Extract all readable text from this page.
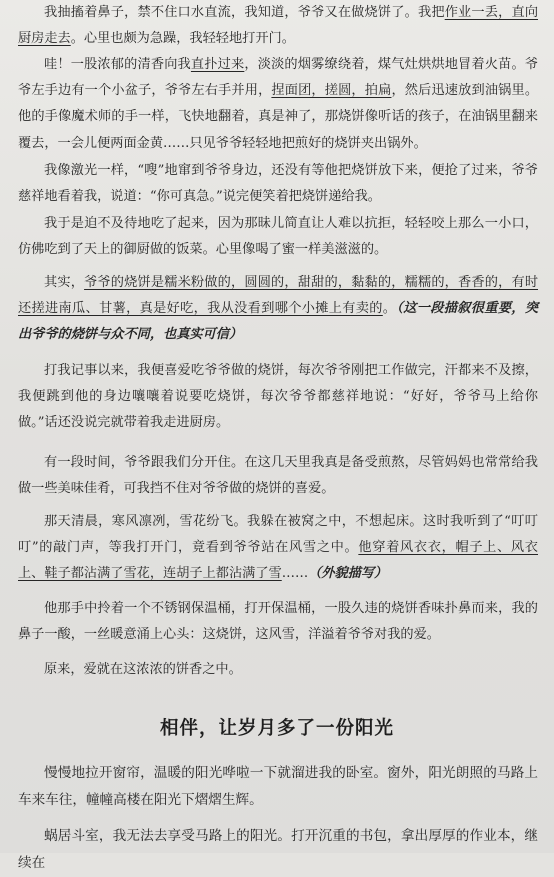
我抽搐着鼻子，禁不住口水直流，我知道，爷爷又在做烧饼了。我把作业一丢，直向厨房走去。心里也颇为急躁，我轻轻地打开门。

哇！一股浓郁的清香向我直扑过来，淡淡的烟雾缭绕着，煤气灶烘烘地冒着火苗。爷爷左手边有一个小盆子，爷爷左右手并用，捏面团，搓圆，拍扁，然后迅速放到油锅里。他的手像魔术师的手一样，飞快地翻着，真是神了，那烧饼像听话的孩子，在油锅里翻来覆去，一会儿便两面金黄……只见爷爷轻轻地把煎好的烧饼夹出锅外。

我像激光一样，“嗖”地窜到爷爷身边，还没有等他把烧饼放下来，便抢了过来，爷爷慈祥地看着我，说道：“你可真急。”说完便笑着把烧饼递给我。

我于是迫不及待地吃了起来，因为那昧儿简直让人难以抗拒，轻轻咬上那么一小口，仿佛吃到了天上的御厨做的饭菜。心里像喝了蜜一样美滋滋的。

其实，爷爷的烧饼是糯米粉做的，圆圆的，甜甜的，黏黏的，糯糯的，香香的，有时还搓进南瓜、甘薯，真是好吃，我从没看到哪个小摊上有卖的。（这一段描叙很重要，突出爷爷的烧饼与众不同，也真实可信）

打我记事以来，我便喜爱吃爷爷做的烧饼，每次爷爷刚把工作做完，汗都来不及擦，我便跳到他的身边嚷嚷着说要吃烧饼，每次爷爷都慈祥地说：“好好，爷爷马上给你做。”话还没说完就带着我走进厨房。

有一段时间，爷爷跟我们分开住。在这几天里我真是备受煎熬，尽管妈妈也常常给我做一些美味佳肴，可我挡不住对爷爷做的烧饼的喜爱。

那天清晨，寒风凛冽，雪花纷飞。我躲在被窝之中，不想起床。这时我听到了“叮叮叮”的敲门声，等我打开门，竟看到爷爷站在风雪之中。他穿着风衣衣，帽子上、风衣上、鞋子都沾满了雪花，连胡子上都沾满了雪……（外貌描写）

他那手中拎着一个不锈钢保温桶，打开保温桶，一股久违的烧饼香味扑鼻而来，我的鼻子一酸，一丝暖意涌上心头：这烧饼，这风雪，洋溢着爷爷对我的爱。

原来，爱就在这浓浓的饼香之中。

相伴，让岁月多了一份阳光

慢慢地拉开窗帘，温暖的阳光哗啦一下就溜进我的卧室。窗外，阳光朗照的马路上车来车往，幢幢高楼在阳光下熠熠生辉。

蜗居斗室，我无法去享受马路上的阳光。打开沉重的书包，拿出厚厚的作业本，继续在
